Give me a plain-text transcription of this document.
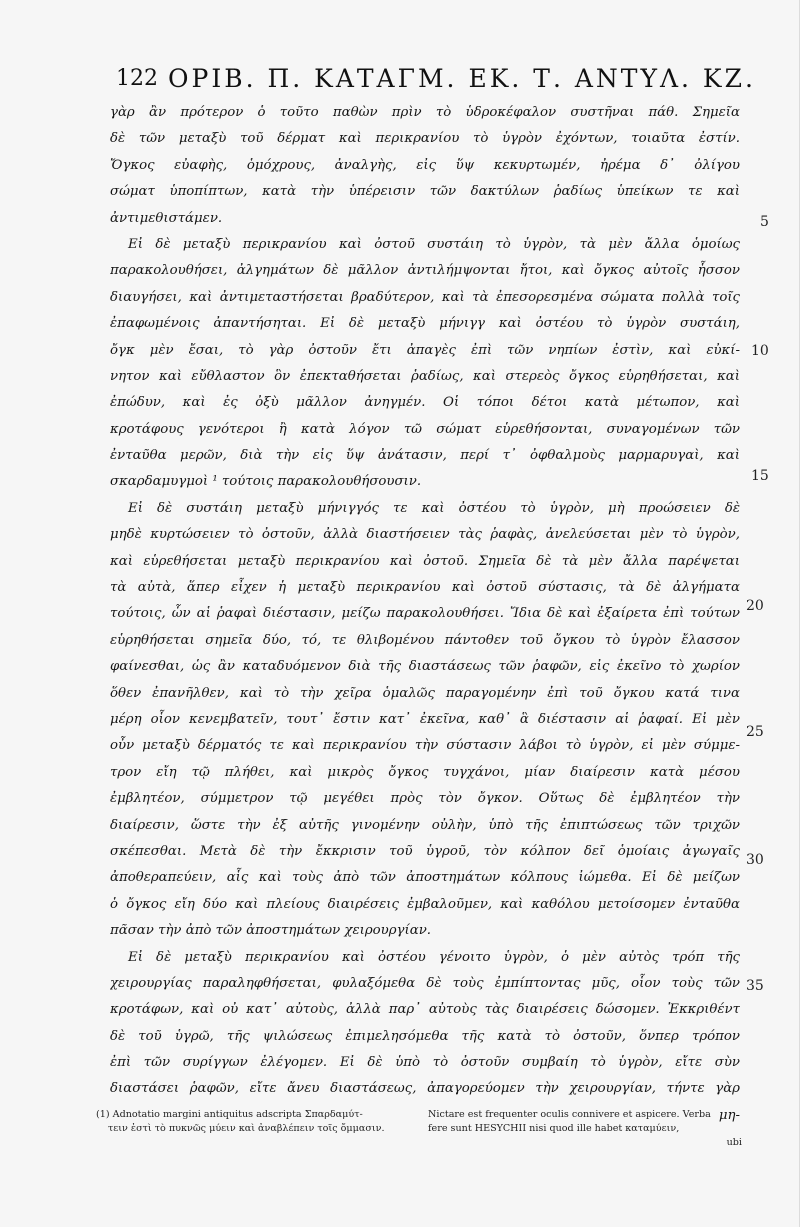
122 ΟΡΙΒ. Π. ΚΑΤΑΓΜ. ΕΚ. Τ. ΑΝΤΥΛ. ΚΖ.
γὰρ ἂν πρότερον ὁ τοῦτο παθὼν πρὶν τὸ ὑδροκέφαλον συστῆναι πάθ. Σημεῖα
δὲ τῶν μεταξὺ τοῦ δέρματ καὶ περικρανίου τὸ ὑγρὸν ἐχόντων, τοιαῦτα ἐστίν.
Ὄγκος εὐαφὴς, ὁμόχρους, ἀναλγὴς, εἰς ὕψ κεκυρτωμέν, ἠρέμα δ᾽ ὀλίγου
σώματ ὑποπίπτων, κατὰ τὴν ὑπέρεισιν τῶν δακτύλων ῥαδίως ὑπείκων τε καὶ
ἀντιμεθιστάμεν.
Εἰ δὲ μεταξὺ περικρανίου καὶ ὀστοῦ συστάιη τὸ ὑγρὸν, τὰ μὲν ἄλλα ὁμοίως
παρακολουθήσει, ἀλγημάτων δὲ μᾶλλον ἀντιλήμψονται ἤτοι, καὶ ὄγκος αὐτοῖς ἧσσον
διαυγήσει, καὶ ἀντιμεταστήσεται βραδύτερον, καὶ τὰ ἐπεσορεσμένα σώματα πολλὰ τοῖς
ἐπαφωμένοις ἀπαντήσηται. Εἰ δὲ μεταξὺ μήνιγγ καὶ ὀστέου τὸ ὑγρὸν συστάιη,
ὄγκ μὲν ἔσαι, τὸ γὰρ ὀστοῦν ἔτι ἀπαγὲς ἐπὶ τῶν νηπίων ἐστὶν, καὶ εὐκί-
νητον καὶ εὔθλαστον ὃν ἐπεκταθήσεται ῥαδίως, καὶ στερεὸς ὄγκος εὑρηθήσεται, καὶ
ἐπώδυν, καὶ ἐς ὀξὺ μᾶλλον ἀνηγμέν. Οἱ τόποι δέτοι κατὰ μέτωπον, καὶ
κροτάφους γενότεροι ἢ κατὰ λόγον τῶ σώματ εὑρεθήσονται, συναγομένων τῶν
ἐνταῦθα μερῶν, διὰ τὴν εἰς ὕψ ἀνάτασιν, περί τ᾽ ὀφθαλμοὺς μαρμαρυγαὶ, καὶ
σκαρδαμυγμοὶ ¹ τούτοις παρακολουθήσουσιν.
Εἰ δὲ συστάιη μεταξὺ μήνιγγός τε καὶ ὀστέου τὸ ὑγρὸν, μὴ προώσειεν δὲ
μηδὲ κυρτώσειεν τὸ ὀστοῦν, ἀλλὰ διαστήσειεν τὰς ῥαφὰς, ἀνελεύσεται μὲν τὸ ὑγρὸν,
καὶ εὑρεθήσεται μεταξὺ περικρανίου καὶ ὀστοῦ. Σημεῖα δὲ τὰ μὲν ἄλλα παρέψεται
τὰ αὐτὰ, ἅπερ εἶχεν ἡ μεταξὺ περικρανίου καὶ ὀστοῦ σύστασις, τὰ δὲ ἀλγήματα
τούτοις, ὧν αἱ ῥαφαὶ διέστασιν, μείζω παρακολουθήσει. Ἴδια δὲ καὶ ἐξαίρετα ἐπὶ τούτων
εὑρηθήσεται σημεῖα δύο, τό, τε θλιβομένου πάντοθεν τοῦ ὄγκου τὸ ὑγρὸν ἔλασσον
φαίνεσθαι, ὡς ἂν καταδυόμενον διὰ τῆς διαστάσεως τῶν ῥαφῶν, εἰς ἐκεῖνο τὸ χωρίον
ὅθεν ἐπανῆλθεν, καὶ τὸ τὴν χεῖρα ὁμαλῶς παραγομένην ἐπὶ τοῦ ὄγκου κατά τινα
μέρη οἷον κενεμβατεῖν, τουτ᾽ ἔστιν κατ᾽ ἐκεῖνα, καθ᾽ ἃ διέστασιν αἱ ῥαφαί. Εἰ μὲν
οὖν μεταξὺ δέρματός τε καὶ περικρανίου τὴν σύστασιν λάβοι τὸ ὑγρὸν, εἰ μὲν σύμμε-
τρον εἴη τῷ πλήθει, καὶ μικρὸς ὄγκος τυγχάνοι, μίαν διαίρεσιν κατὰ μέσου
ἐμβλητέον, σύμμετρον τῷ μεγέθει πρὸς τὸν ὄγκον. Οὕτως δὲ ἐμβλητέον τὴν
διαίρεσιν, ὥστε τὴν ἐξ αὐτῆς γινομένην οὐλὴν, ὑπὸ τῆς ἐπιπτώσεως τῶν τριχῶν
σκέπεσθαι. Μετὰ δὲ τὴν ἔκκρισιν τοῦ ὑγροῦ, τὸν κόλπον δεῖ ὁμοίαις ἀγωγαῖς
ἀποθεραπεύειν, αἷς καὶ τοὺς ἀπὸ τῶν ἀποστημάτων κόλπους ἰώμεθα. Εἰ δὲ μείζων
ὁ ὄγκος εἴη δύο καὶ πλείους διαιρέσεις ἐμβαλοῦμεν, καὶ καθόλου μετοίσομεν ἐνταῦθα
πᾶσαν τὴν ἀπὸ τῶν ἀποστημάτων χειρουργίαν.
Εἰ δὲ μεταξὺ περικρανίου καὶ ὀστέου γένοιτο ὑγρὸν, ὁ μὲν αὐτὸς τρόπ τῆς
χειρουργίας παραληφθήσεται, φυλαξόμεθα δὲ τοὺς ἐμπίπτοντας μῦς, οἷον τοὺς τῶν
κροτάφων, καὶ οὐ κατ᾽ αὐτοὺς, ἀλλὰ παρ᾽ αὐτοὺς τὰς διαιρέσεις δώσομεν. Ἐκκριθέντ
δὲ τοῦ ὑγρῶ, τῆς ψιλώσεως ἐπιμελησόμεθα τῆς κατὰ τὸ ὀστοῦν, ὅνπερ τρόπον
ἐπὶ τῶν συρίγγων ἐλέγομεν. Εἰ δὲ ὑπὸ τὸ ὀστοῦν συμβαίη τὸ ὑγρὸν, εἴτε σὺν
διαστάσει ῥαφῶν, εἴτε ἄνευ διαστάσεως, ἀπαγορεύομεν τὴν χειρουργίαν, τήντε γὰρ
μη-
5
10
15
20
25
30
35
(1) Adnotatio margini antiquitus adscripta Σπαρδαμύτ-
τειν ἐστὶ τὸ πυκνῶς μύειν καὶ ἀναβλέπειν τοῖς ὄμμασιν.
Nictare est frequenter oculis connivere et aspicere. Verba
fere sunt HESYCHII nisi quod ille habet καταμύειν,
ubi
